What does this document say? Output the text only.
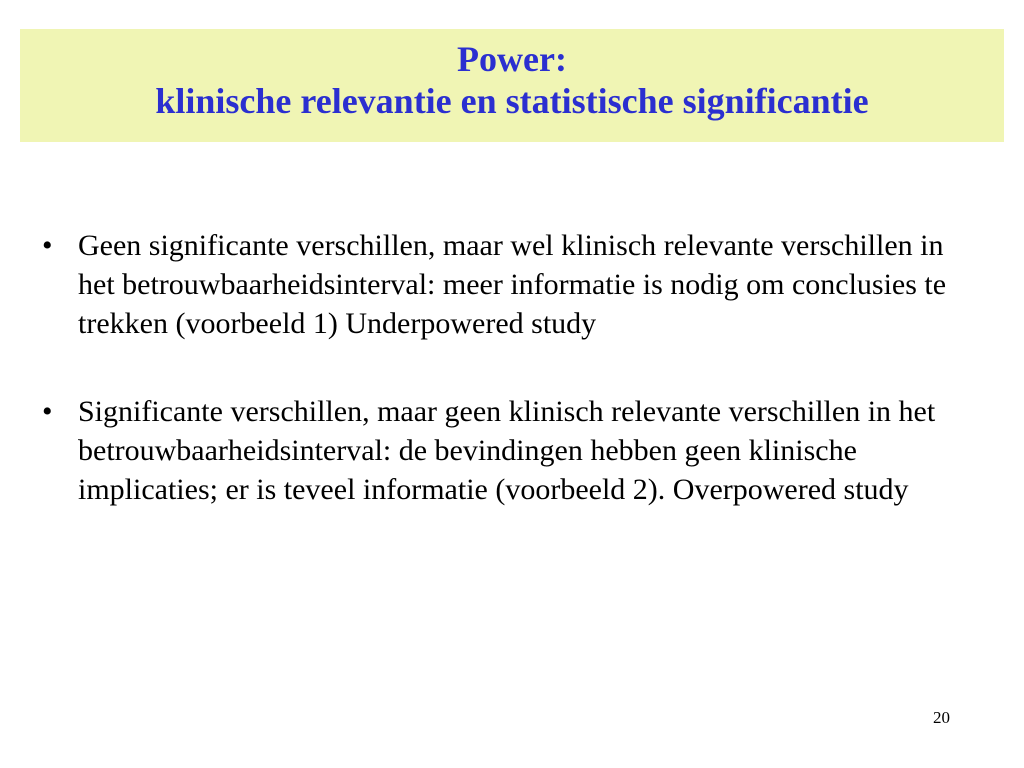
Power:
klinische relevantie en statistische significantie
• Geen significante verschillen, maar wel klinisch relevante verschillen in het betrouwbaarheidsinterval: meer informatie is nodig om conclusies te trekken (voorbeeld 1) Underpowered study
• Significante verschillen, maar geen klinisch relevante verschillen in het betrouwbaarheidsinterval: de bevindingen hebben geen klinische implicaties; er is teveel informatie (voorbeeld 2). Overpowered study
20
